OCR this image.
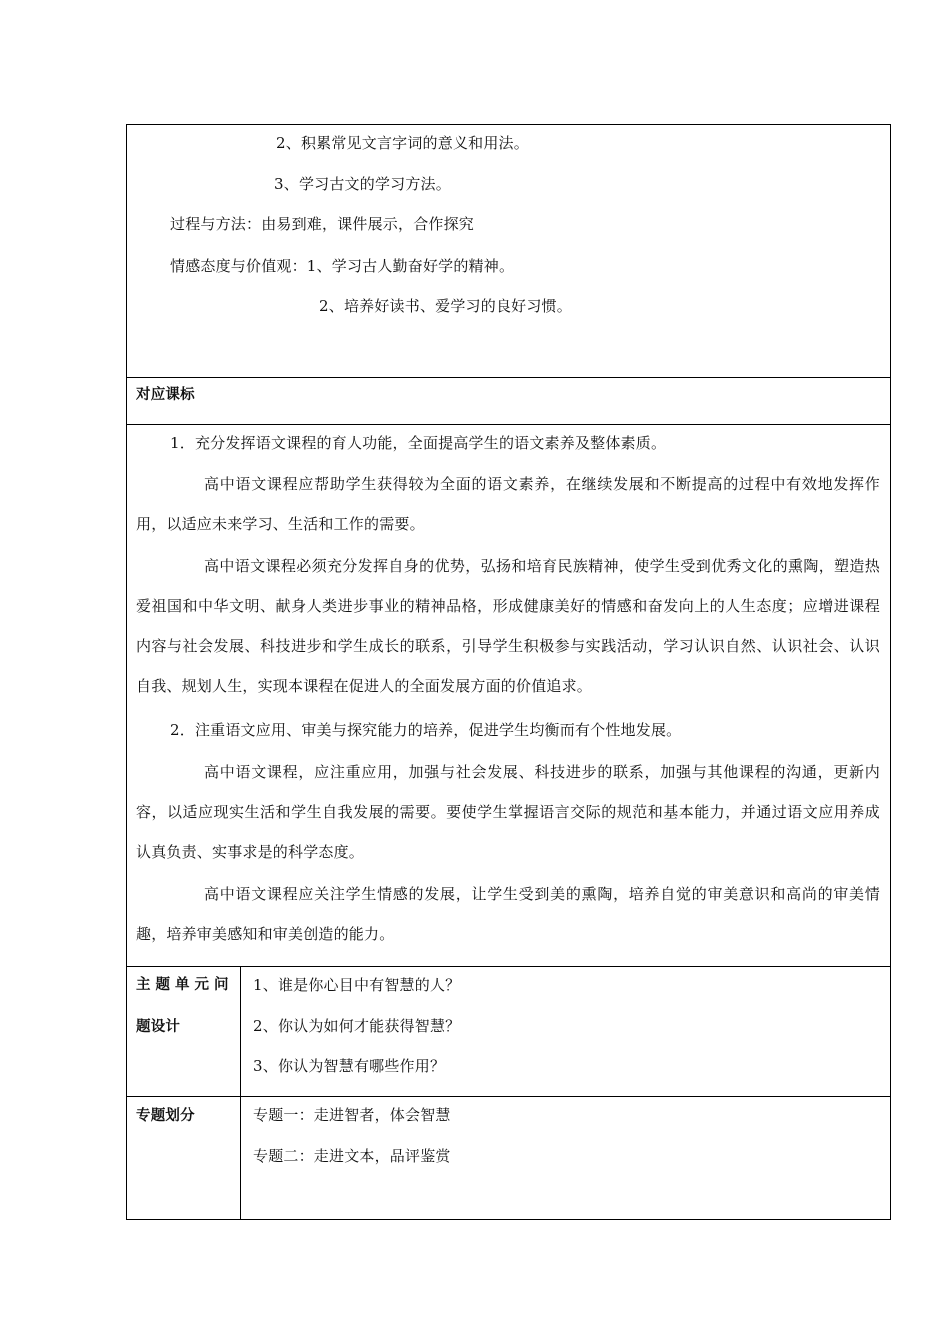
2、积累常见文言字词的意义和用法。
3、学习古文的学习方法。
过程与方法：由易到难，课件展示，合作探究
情感态度与价值观：1、学习古人勤奋好学的精神。
2、培养好读书、爱学习的良好习惯。
对应课标
1．充分发挥语文课程的育人功能，全面提高学生的语文素养及整体素质。
高中语文课程应帮助学生获得较为全面的语文素养，在继续发展和不断提高的过程中有效地发挥作用，以适应未来学习、生活和工作的需要。
高中语文课程必须充分发挥自身的优势，弘扬和培育民族精神，使学生受到优秀文化的熏陶，塑造热爱祖国和中华文明、献身人类进步事业的精神品格，形成健康美好的情感和奋发向上的人生态度；应增进课程内容与社会发展、科技进步和学生成长的联系，引导学生积极参与实践活动，学习认识自然、认识社会、认识自我、规划人生，实现本课程在促进人的全面发展方面的价值追求。
2．注重语文应用、审美与探究能力的培养，促进学生均衡而有个性地发展。
高中语文课程，应注重应用，加强与社会发展、科技进步的联系，加强与其他课程的沟通，更新内容，以适应现实生活和学生自我发展的需要。要使学生掌握语言交际的规范和基本能力，并通过语文应用养成认真负责、实事求是的科学态度。
高中语文课程应关注学生情感的发展，让学生受到美的熏陶，培养自觉的审美意识和高尚的审美情趣，培养审美感知和审美创造的能力。
主题单元问
题设计
1、谁是你心目中有智慧的人？
2、你认为如何才能获得智慧？
3、你认为智慧有哪些作用？
专题划分	专题一：走进智者，体会智慧
专题二：走进文本，品评鉴赏
